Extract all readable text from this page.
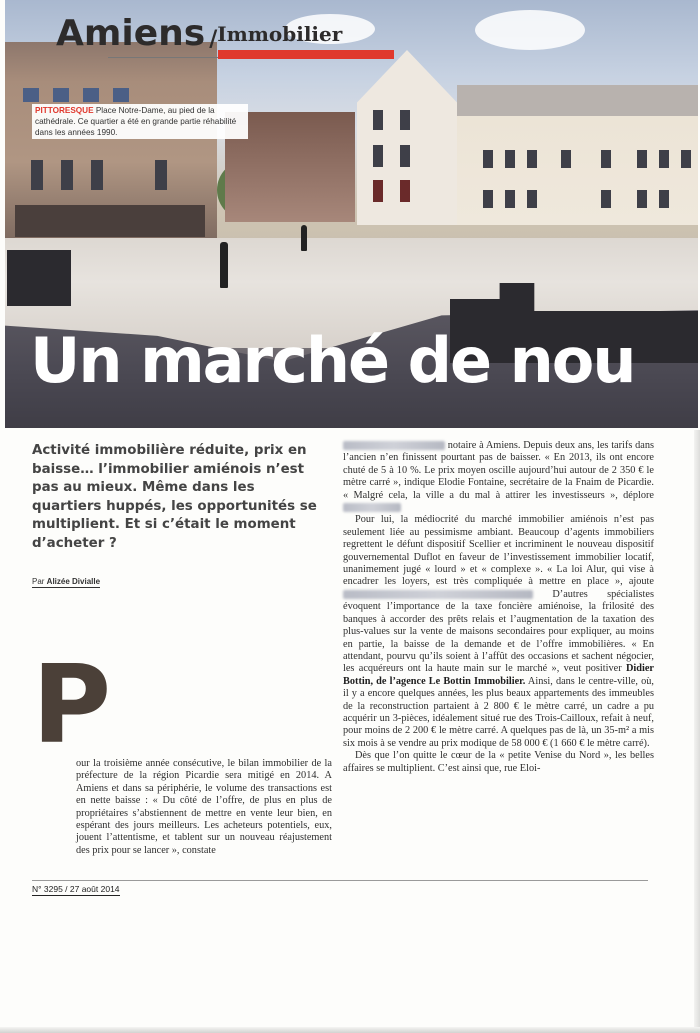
Amiens / Immobilier
PITTORESQUE Place Notre-Dame, au pied de la cathédrale. Ce quartier a été en grande partie réhabilité dans les années 1990.
Un marché de nou
Activité immobilière réduite, prix en baisse… l’immobilier amiénois n’est pas au mieux. Même dans les quartiers huppés, les opportunités se multiplient. Et si c’était le moment d’acheter ?
Par Alizée Divialle
P

our la troisième année consécutive, le bilan immobilier de la préfecture de la région Picardie sera mitigé en 2014. A Amiens et dans sa périphérie, le volume des transactions est en nette baisse : « Du côté de l’offre, de plus en plus de propriétaires s’abstiennent de mettre en vente leur bien, en espérant des jours meilleurs. Les acheteurs potentiels, eux, jouent l’attentisme, et tablent sur un nouveau réajustement des prix pour se lancer », constate

notaire à Amiens. Depuis deux ans, les tarifs dans l’ancien n’en finissent pourtant pas de baisser. « En 2013, ils ont encore chuté de 5 à 10 %. Le prix moyen oscille aujourd’hui autour de 2 350 € le mètre carré », indique Elodie Fontaine, secrétaire de la Fnaim de Picardie. « Malgré cela, la ville a du mal à attirer les investisseurs », déplore

Pour lui, la médiocrité du marché immobilier amiénois n’est pas seulement liée au pessimisme ambiant. Beaucoup d’agents immobiliers regrettent le défunt dispositif Scellier et incriminent le nouveau dispositif gouvernemental Duflot en faveur de l’investissement immobilier locatif, unanimement jugé « lourd » et « complexe ». « La loi Alur, qui vise à encadrer les loyers, est très compliquée à mettre en place », ajoute  D’autres spécialistes évoquent l’importance de la taxe foncière amiénoise, la frilosité des banques à accorder des prêts relais et l’augmentation de la taxation des plus-values sur la vente de maisons secondaires pour expliquer, au moins en partie, la baisse de la demande et de l’offre immobilières. « En attendant, pourvu qu’ils soient à l’affût des occasions et sachent négocier, les acquéreurs ont la haute main sur le marché », veut positiver Didier Bottin, de l’agence Le Bottin Immobilier. Ainsi, dans le centre-ville, où, il y a encore quelques années, les plus beaux appartements des immeubles de la reconstruction partaient à 2 800 € le mètre carré, un cadre a pu acquérir un 3-pièces, idéalement situé rue des Trois-Cailloux, refait à neuf, pour moins de 2 200 € le mètre carré. A quelques pas de là, un 35-m² a mis six mois à se vendre au prix modique de 58 000 € (1 660 € le mètre carré).

Dès que l’on quitte le cœur de la « petite Venise du Nord », les belles affaires se multiplient. C’est ainsi que, rue Eloi-

N° 3295 / 27 août 2014
